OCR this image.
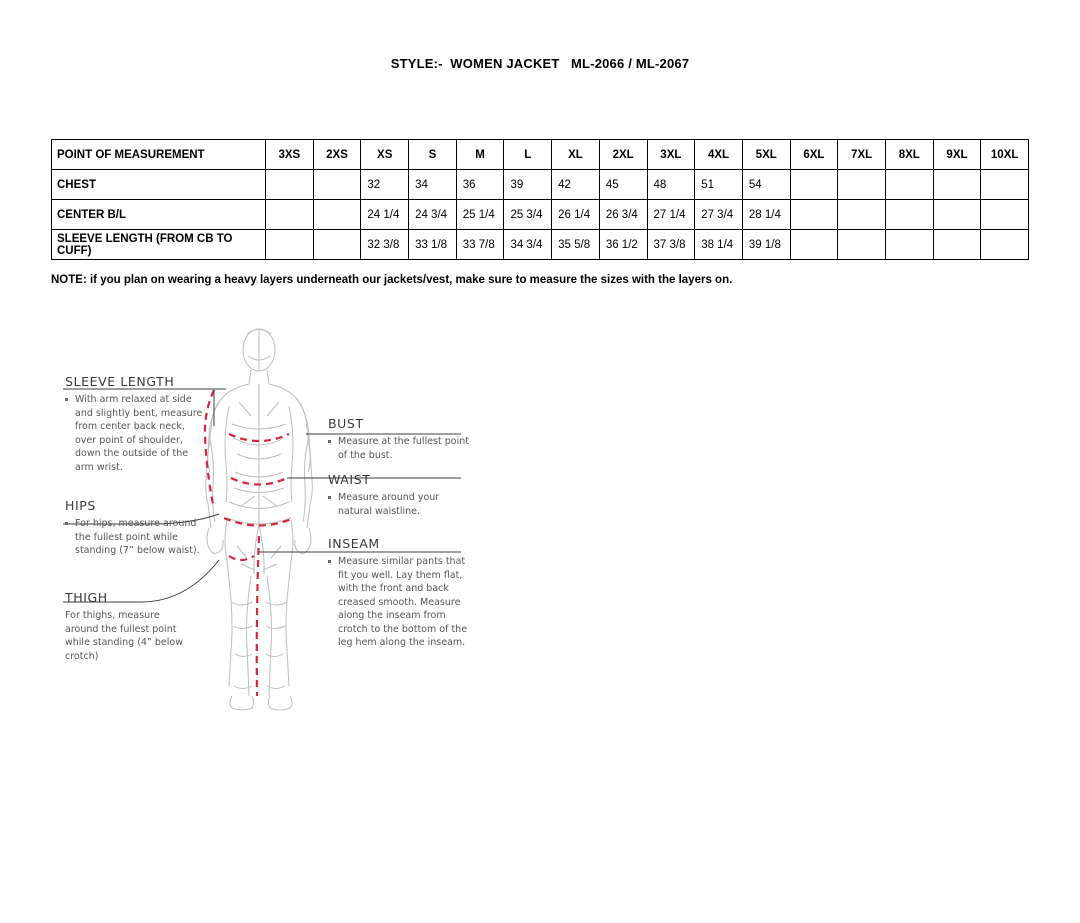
STYLE:-  WOMEN JACKET   ML-2066 / ML-2067
POINT OF MEASUREMENT	3XS	2XS	XS	S	M	L	XL	2XL	3XL	4XL	5XL	6XL	7XL	8XL	9XL	10XL
CHEST			32	34	36	39	42	45	48	51	54					
CENTER B/L			24 1/4	24 3/4	25 1/4	25 3/4	26 1/4	26 3/4	27 1/4	27 3/4	28 1/4					
SLEEVE LENGTH (FROM CB TO CUFF)			32 3/8	33 1/8	33 7/8	34 3/4	35 5/8	36 1/2	37 3/8	38 1/4	39 1/8					
NOTE: if you plan on wearing a heavy layers underneath our jackets/vest, make sure to measure the sizes with the layers on.
SLEEVE LENGTH
With arm relaxed at side and slightly bent, measure from center back neck, over point of shoulder, down the outside of the arm wrist.
HIPS
For hips, measure around the fullest point while standing (7” below waist).
THIGH
For thighs, measure around the fullest point while standing (4” below crotch)
BUST
Measure at the fullest point of the bust.
WAIST
Measure around your natural waistline.
INSEAM
Measure similar pants that fit you well. Lay them flat, with the front and back creased smooth. Measure along the inseam from crotch to the bottom of the leg hem along the inseam.
